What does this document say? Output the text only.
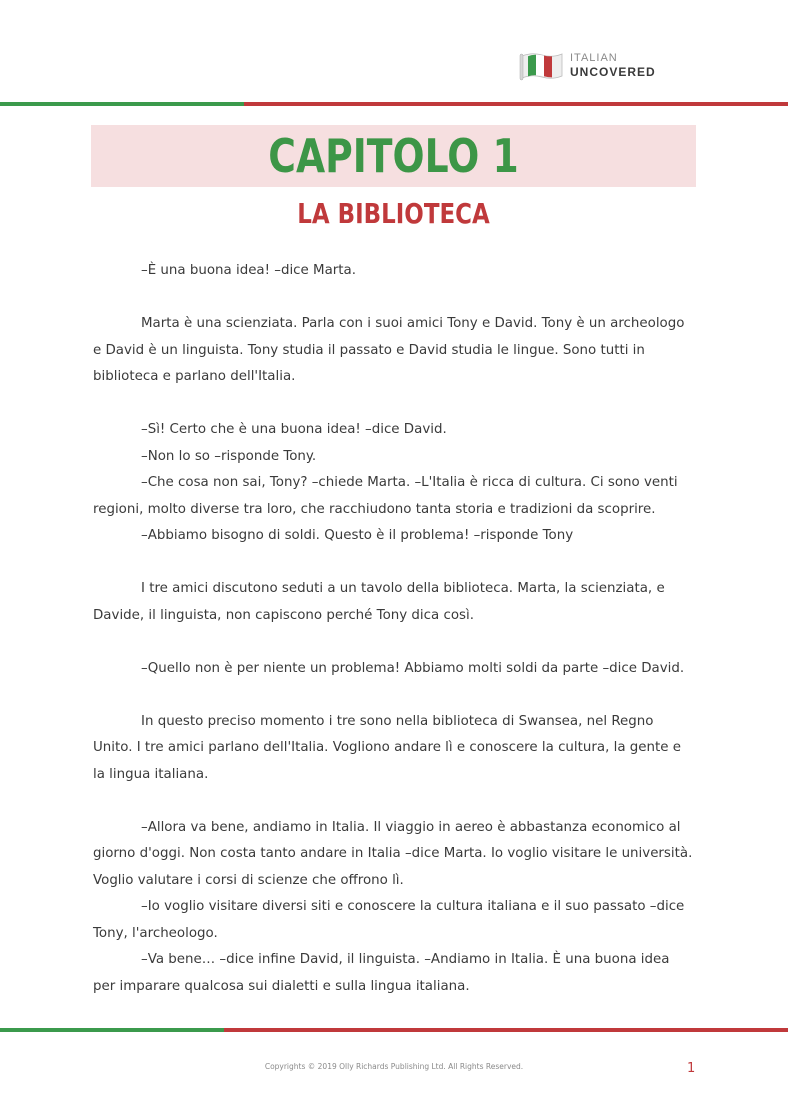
ITALIAN
UNCOVERED
CAPITOLO 1
LA BIBLIOTECA

–È una buona idea! –dice Marta.

Marta è una scienziata. Parla con i suoi amici Tony e David. Tony è un archeologo e David è un linguista. Tony studia il passato e David studia le lingue. Sono tutti in biblioteca e parlano dell'Italia.

–Sì! Certo che è una buona idea! –dice David.

–Non lo so –risponde Tony.

–Che cosa non sai, Tony? –chiede Marta. –L'Italia è ricca di cultura. Ci sono venti regioni, molto diverse tra loro, che racchiudono tanta storia e tradizioni da scoprire.

–Abbiamo bisogno di soldi. Questo è il problema! –risponde Tony

I tre amici discutono seduti a un tavolo della biblioteca. Marta, la scienziata, e Davide, il linguista, non capiscono perché Tony dica così.

–Quello non è per niente un problema! Abbiamo molti soldi da parte –dice David.

In questo preciso momento i tre sono nella biblioteca di Swansea, nel Regno Unito. I tre amici parlano dell'Italia. Vogliono andare lì e conoscere la cultura, la gente e la lingua italiana.

–Allora va bene, andiamo in Italia. Il viaggio in aereo è abbastanza economico al giorno d'oggi. Non costa tanto andare in Italia –dice Marta. Io voglio visitare le università. Voglio valutare i corsi di scienze che offrono lì.

–Io voglio visitare diversi siti e conoscere la cultura italiana e il suo passato –dice Tony, l'archeologo.

–Va bene… –dice infine David, il linguista. –Andiamo in Italia. È una buona idea per imparare qualcosa sui dialetti e sulla lingua italiana.

Copyrights © 2019 Olly Richards Publishing Ltd. All Rights Reserved.	1
